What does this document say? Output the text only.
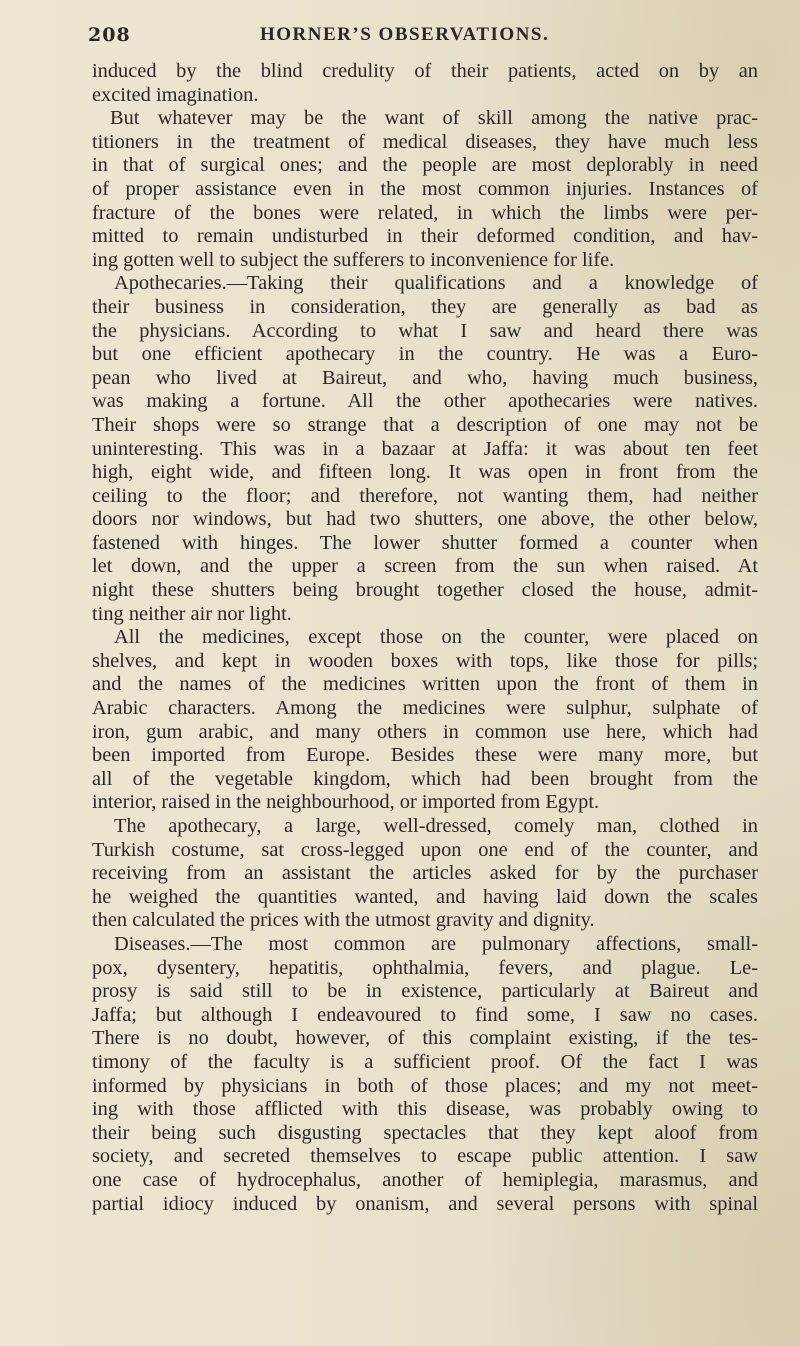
208	HORNER’S OBSERVATIONS.
induced by the blind credulity of their patients, acted on by an
excited imagination.
But whatever may be the want of skill among the native prac-
titioners in the treatment of medical diseases, they have much less
in that of surgical ones; and the people are most deplorably in need
of proper assistance even in the most common injuries. Instances of
fracture of the bones were related, in which the limbs were per-
mitted to remain undisturbed in their deformed condition, and hav-
ing gotten well to subject the sufferers to inconvenience for life.
Apothecaries.—Taking their qualifications and a knowledge of
their business in consideration, they are generally as bad as
the physicians. According to what I saw and heard there was
but one efficient apothecary in the country. He was a Euro-
pean who lived at Baireut, and who, having much business,
was making a fortune. All the other apothecaries were natives.
Their shops were so strange that a description of one may not be
uninteresting. This was in a bazaar at Jaffa: it was about ten feet
high, eight wide, and fifteen long. It was open in front from the
ceiling to the floor; and therefore, not wanting them, had neither
doors nor windows, but had two shutters, one above, the other below,
fastened with hinges. The lower shutter formed a counter when
let down, and the upper a screen from the sun when raised. At
night these shutters being brought together closed the house, admit-
ting neither air nor light.
All the medicines, except those on the counter, were placed on
shelves, and kept in wooden boxes with tops, like those for pills;
and the names of the medicines written upon the front of them in
Arabic characters. Among the medicines were sulphur, sulphate of
iron, gum arabic, and many others in common use here, which had
been imported from Europe. Besides these were many more, but
all of the vegetable kingdom, which had been brought from the
interior, raised in the neighbourhood, or imported from Egypt.
The apothecary, a large, well-dressed, comely man, clothed in
Turkish costume, sat cross-legged upon one end of the counter, and
receiving from an assistant the articles asked for by the purchaser
he weighed the quantities wanted, and having laid down the scales
then calculated the prices with the utmost gravity and dignity.
Diseases.—The most common are pulmonary affections, small-
pox, dysentery, hepatitis, ophthalmia, fevers, and plague. Le-
prosy is said still to be in existence, particularly at Baireut and
Jaffa; but although I endeavoured to find some, I saw no cases.
There is no doubt, however, of this complaint existing, if the tes-
timony of the faculty is a sufficient proof. Of the fact I was
informed by physicians in both of those places; and my not meet-
ing with those afflicted with this disease, was probably owing to
their being such disgusting spectacles that they kept aloof from
society, and secreted themselves to escape public attention. I saw
one case of hydrocephalus, another of hemiplegia, marasmus, and
partial idiocy induced by onanism, and several persons with spinal
